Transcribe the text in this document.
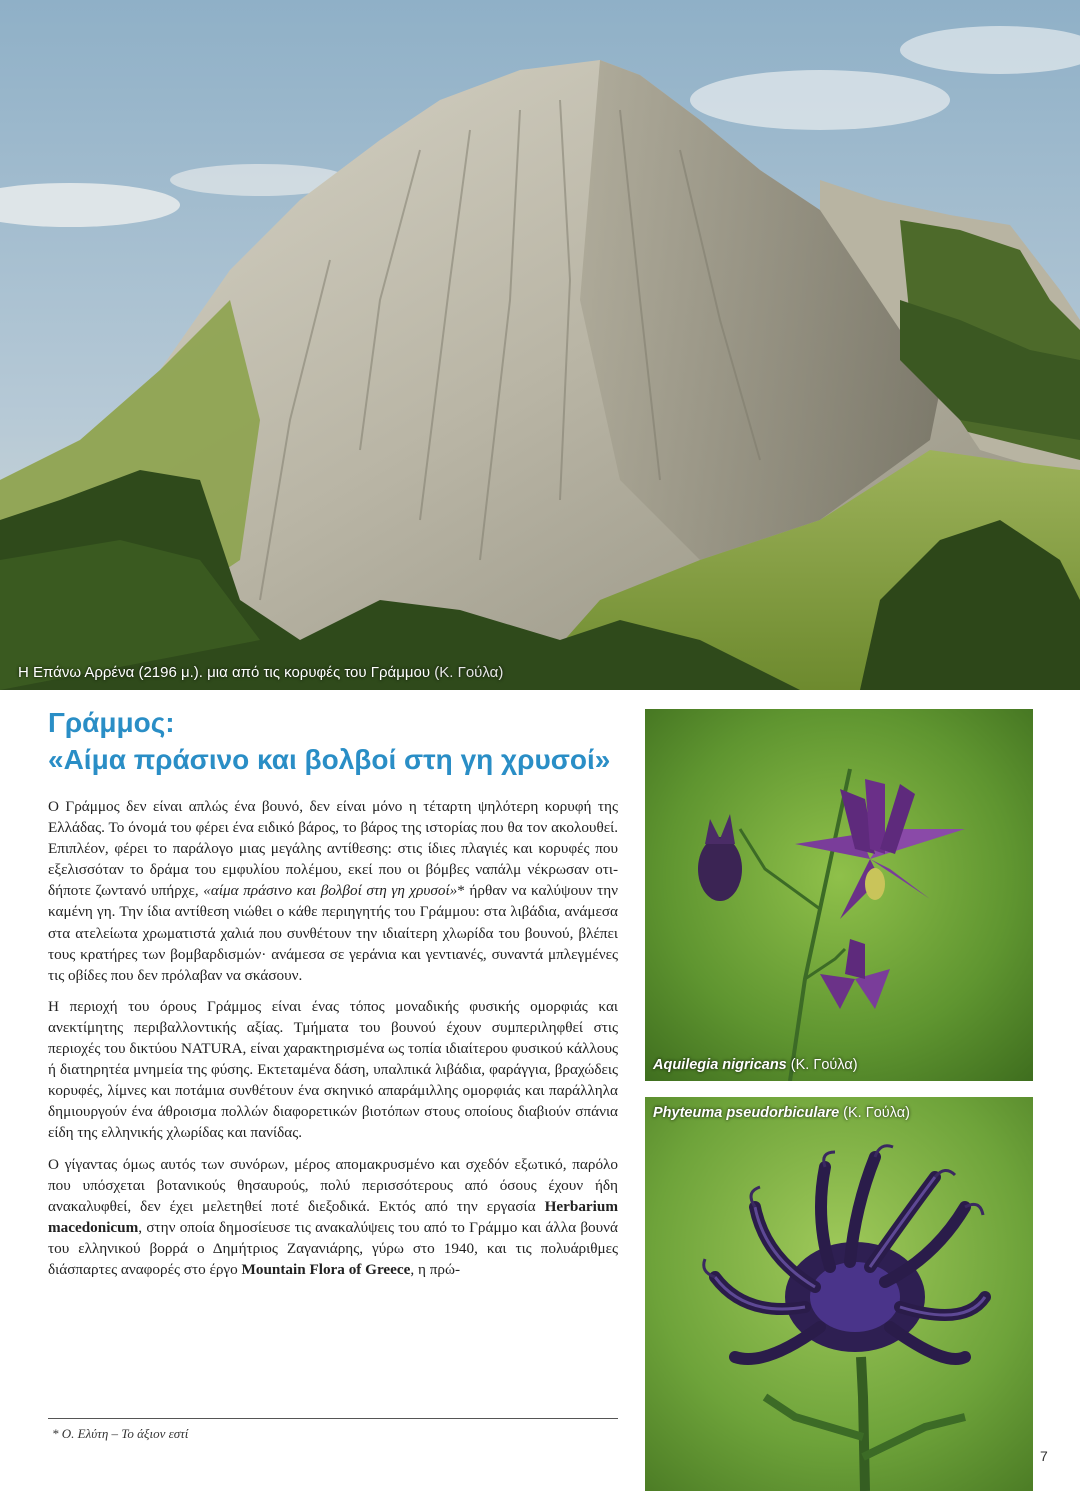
Η Επάνω Αρρένα (2196 μ.). μια από τις κορυφές του Γράμμου (Κ. Γούλα)
Γράμμος:
«Αίμα πράσινο και βολβοί στη γη χρυσοί»

Ο Γράμμος δεν είναι απλώς ένα βουνό, δεν είναι μόνο η τέταρτη ψηλότερη κορυφή της Ελλάδας. Το όνομά του φέρει ένα ειδικό βάρος, το βάρος της ιστορίας που θα τον ακολουθεί. Επιπλέον, φέρει το παράλογο μιας μεγάλης αντίθεσης: στις ίδιες πλαγιές και κορυφές που εξελισσόταν το δράμα του εμφυλίου πολέμου, εκεί που οι βόμβες ναπάλμ νέκρωσαν οτιδήποτε ζωντανό υπήρχε, «αίμα πράσινο και βολβοί στη γη χρυσοί»* ήρθαν να καλύψουν την καμένη γη. Την ίδια αντίθεση νιώθει ο κάθε περιηγητής του Γράμμου: στα λιβάδια, ανάμεσα στα ατελείωτα χρωματιστά χαλιά που συνθέτουν την ιδιαίτερη χλωρίδα του βουνού, βλέπει τους κρατήρες των βομβαρδισμών· ανάμεσα σε γεράνια και γεντιανές, συναντά μπλεγμένες τις οβίδες που δεν πρόλαβαν να σκάσουν.

Η περιοχή του όρους Γράμμος είναι ένας τόπος μοναδικής φυσικής ομορφιάς και ανεκτίμητης περιβαλλοντικής αξίας. Τμήματα του βουνού έχουν συμπεριληφθεί στις περιοχές του δικτύου NATURA, είναι χαρακτηρισμένα ως τοπία ιδιαίτερου φυσικού κάλλους ή διατηρητέα μνημεία της φύσης. Εκτεταμένα δάση, υπαλπικά λιβάδια, φαράγγια, βραχώδεις κορυφές, λίμνες και ποτάμια συνθέτουν ένα σκηνικό απαράμιλλης ομορφιάς και παράλληλα δημιουργούν ένα άθροισμα πολλών διαφορετικών βιοτόπων στους οποίους διαβιούν σπάνια είδη της ελληνικής χλωρίδας και πανίδας.

Ο γίγαντας όμως αυτός των συνόρων, μέρος απομακρυσμένο και σχεδόν εξωτικό, παρόλο που υπόσχεται βοτανικούς θησαυρούς, πολύ περισσότερους από όσους έχουν ήδη ανακαλυφθεί, δεν έχει μελετηθεί ποτέ διεξοδικά. Εκτός από την εργασία Herbarium macedonicum, στην οποία δημοσίευσε τις ανακαλύψεις του από το Γράμμο και άλλα βουνά του ελληνικού βορρά ο Δημήτριος Ζαγανιάρης, γύρω στο 1940, και τις πολυάριθμες διάσπαρτες αναφορές στο έργο Mountain Flora of Greece, η πρώ-

* Ο. Ελύτη – Το άξιον εστί
7
Aquilegia nigricans (Κ. Γούλα)
Phyteuma pseudorbiculare (Κ. Γούλα)
